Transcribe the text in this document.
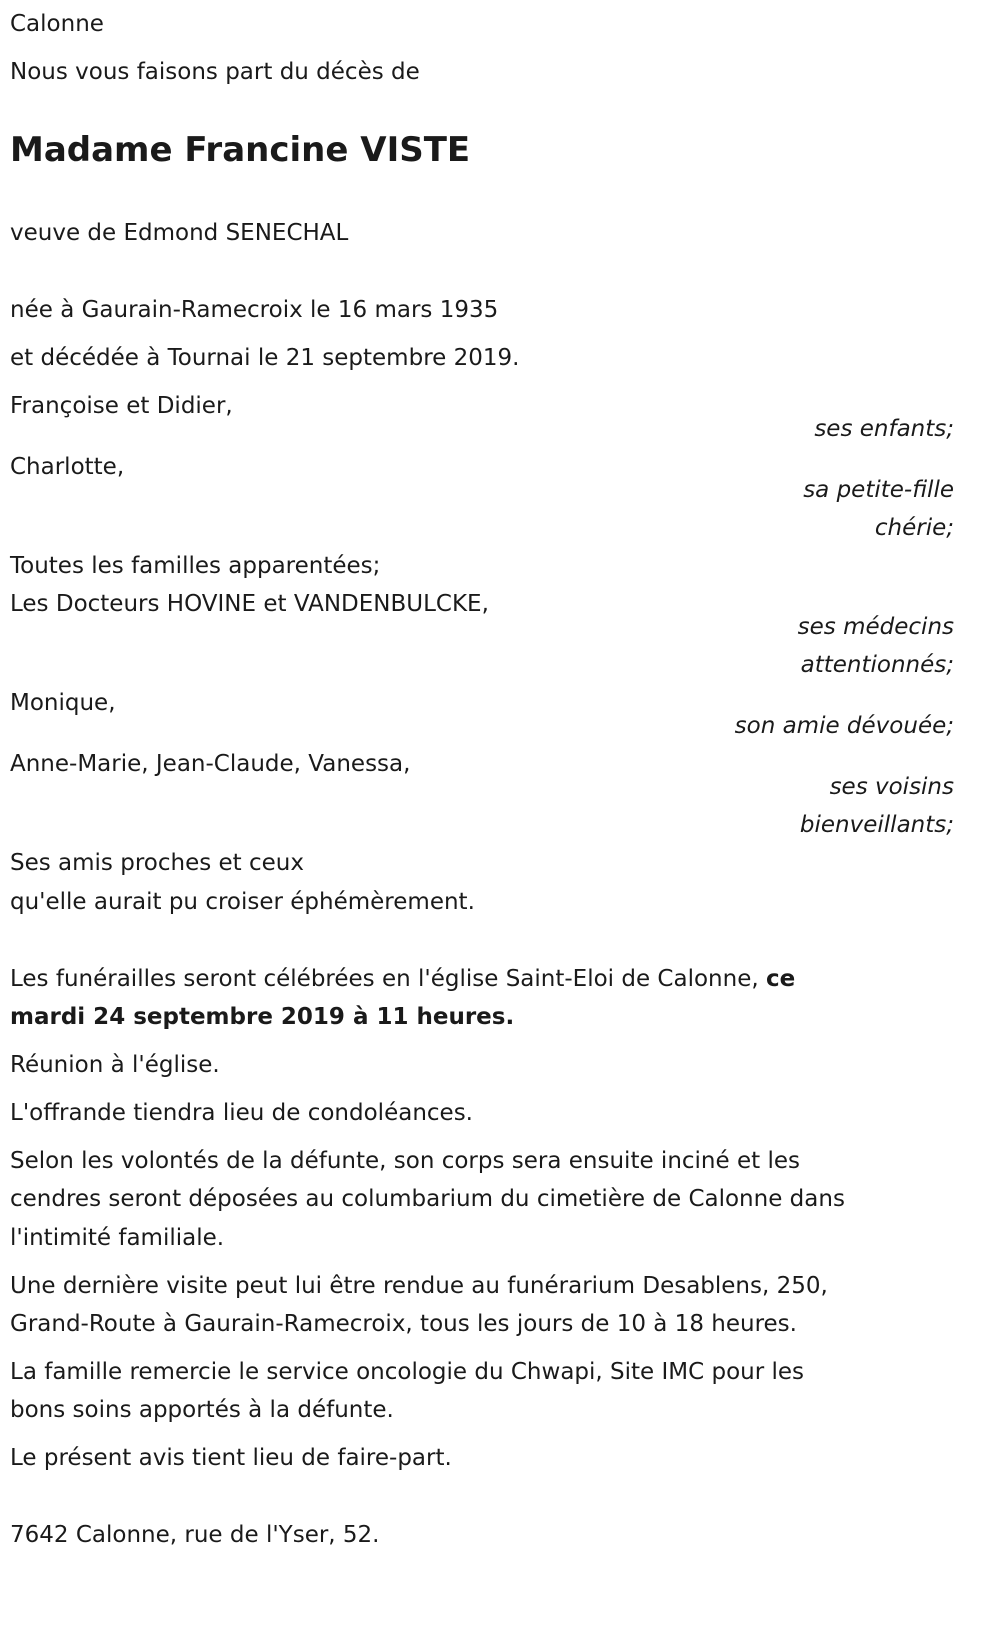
Calonne
Nous vous faisons part du décès de
Madame Francine VISTE
veuve de Edmond SENECHAL
née à Gaurain-Ramecroix le 16 mars 1935
et décédée à Tournai le 21 septembre 2019.
Françoise et Didier,
ses enfants;
Charlotte,
sa petite-fille
chérie;
Toutes les familles apparentées;
Les Docteurs HOVINE et VANDENBULCKE,
ses médecins
attentionnés;
Monique,
son amie dévouée;
Anne-Marie, Jean-Claude, Vanessa,
ses voisins
bienveillants;
Ses amis proches et ceux
qu'elle aurait pu croiser éphémèrement.
Les funérailles seront célébrées en l'église Saint-Eloi de Calonne, ce
mardi 24 septembre 2019 à 11 heures.
Réunion à l'église.
L'offrande tiendra lieu de condoléances.
Selon les volontés de la défunte, son corps sera ensuite inciné et les
cendres seront déposées au columbarium du cimetière de Calonne dans
l'intimité familiale.
Une dernière visite peut lui être rendue au funérarium Desablens, 250,
Grand-Route à Gaurain-Ramecroix, tous les jours de 10 à 18 heures.
La famille remercie le service oncologie du Chwapi, Site IMC pour les
bons soins apportés à la défunte.
Le présent avis tient lieu de faire-part.
7642 Calonne, rue de l'Yser, 52.
